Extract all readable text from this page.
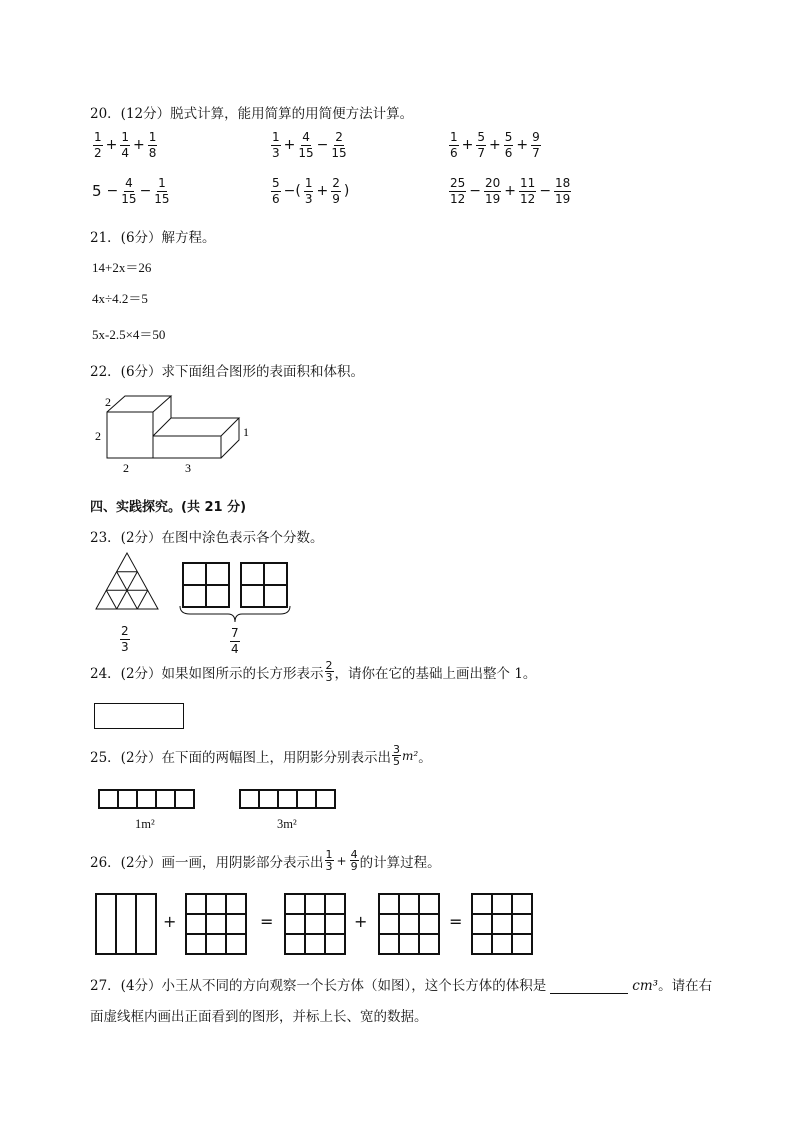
20．(12分）脱式计算，能用简算的用简便方法计算。
$\frac{1}{2} + \frac{1}{4} + \frac{1}{8}$	$\frac{1}{3} + \frac{4}{15} - \frac{2}{15}$	$\frac{1}{6} + \frac{5}{7} + \frac{5}{6} + \frac{9}{7}$
$5 - \frac{4}{15} - \frac{1}{15}$	$\frac{5}{6}$ −( $\frac{1}{3} + \frac{2}{9}$ )	$\frac{25}{12} - \frac{20}{19} + \frac{11}{12} - \frac{18}{19}$
21．(6分）解方程。
14+2x＝26
4x÷4.2＝5
5x-2.5×4＝50
22．(6分）求下面组合图形的表面积和体积。
2
2	1
2	3
四、实践探究。(共 21 分)
23．(2分）在图中涂色表示各个分数。
$\frac{2}{3}$	$\frac{7}{4}$
24．(2分）如果如图所示的长方形表示 $\frac{2}{3}$ ，请你在它的基础上画出整个 1。
25．(2分）在下面的两幅图上，用阴影分别表示出 $\frac{3}{5} m^2$ 。
1m²	3m²
26．(2分）画一画，用阴影部分表示出 $\frac{1}{3} + \frac{4}{9}$ 的计算过程。
+	=	+	=
27．(4分）小王从不同的方向观察一个长方体（如图），这个长方体的体积是	cm³ 。请在右
面虚线框内画出正面看到的图形，并标上长、宽的数据。
